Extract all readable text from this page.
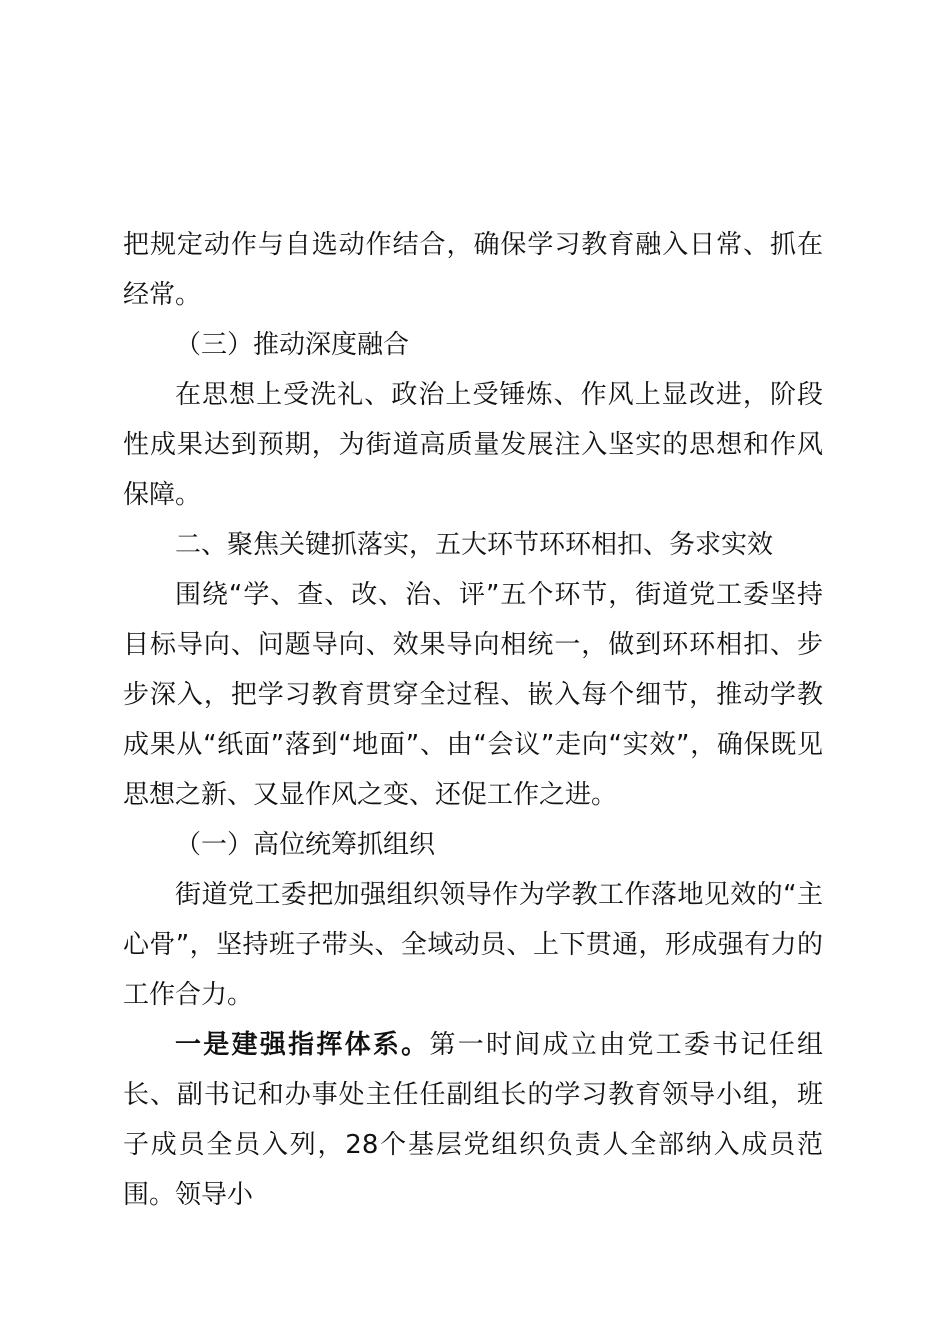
把规定动作与自选动作结合，确保学习教育融入日常、抓在经常。

（三）推动深度融合

在思想上受洗礼、政治上受锤炼、作风上显改进，阶段性成果达到预期，为街道高质量发展注入坚实的思想和作风保障。

二、聚焦关键抓落实，五大环节环环相扣、务求实效

围绕“学、查、改、治、评”五个环节，街道党工委坚持目标导向、问题导向、效果导向相统一，做到环环相扣、步步深入，把学习教育贯穿全过程、嵌入每个细节，推动学教成果从“纸面”落到“地面”、由“会议”走向“实效”，确保既见思想之新、又显作风之变、还促工作之进。

（一）高位统筹抓组织

街道党工委把加强组织领导作为学教工作落地见效的“主心骨”，坚持班子带头、全域动员、上下贯通，形成强有力的工作合力。

一是建强指挥体系。第一时间成立由党工委书记任组长、副书记和办事处主任任副组长的学习教育领导小组，班子成员全员入列，28个基层党组织负责人全部纳入成员范围。领导小
